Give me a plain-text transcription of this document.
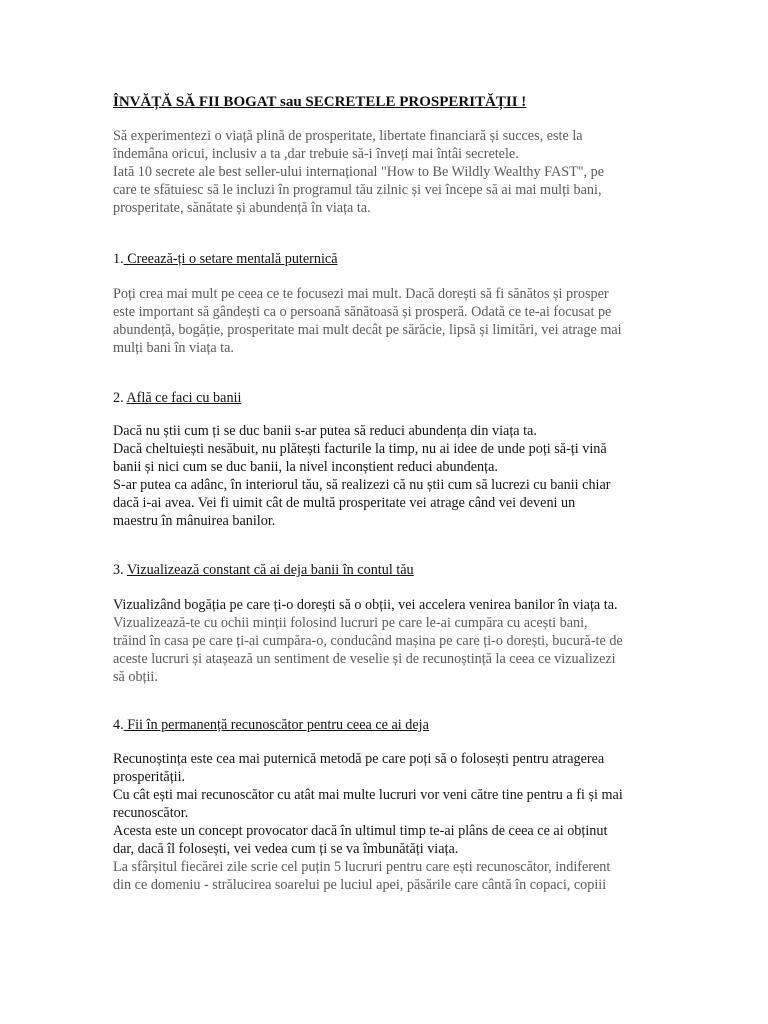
ÎNVĂȚĂ SĂ FII BOGAT sau SECRETELE PROSPERITĂȚII !
Să experimentezi o viață plină de prosperitate, libertate financiară și succes, este la
îndemâna oricui, inclusiv a ta ,dar trebuie să-i înveți mai întâi secretele.
Iată 10 secrete ale best seller-ului internațional "How to Be Wildly Wealthy FAST", pe
care te sfătuiesc să le incluzi în programul tău zilnic și vei începe să ai mai mulți bani,
prosperitate, sănătate și abundență în viața ta.
1. Creează-ți o setare mentală puternică
Poți crea mai mult pe ceea ce te focusezi mai mult. Dacă dorești să fi sănătos și prosper
este important să gândești ca o persoană sănătoasă și prosperă. Odată ce te-ai focusat pe
abundență, bogăție, prosperitate mai mult decât pe sărăcie, lipsă și limitări, vei atrage mai
mulți bani în viața ta.
2. Află ce faci cu banii
Dacă nu știi cum ți se duc banii s-ar putea să reduci abundența din viața ta.
Dacă cheltuiești nesăbuit, nu plătești facturile la timp, nu ai idee de unde poți să-ți vină
banii și nici cum se duc banii, la nivel inconștient reduci abundența.
S-ar putea ca adânc, în interiorul tău, să realizezi că nu știi cum să lucrezi cu banii chiar
dacă i-ai avea. Vei fi uimit cât de multă prosperitate vei atrage când vei deveni un
maestru în mânuirea banilor.
3. Vizualizează constant că ai deja banii în contul tău
Vizualizând bogăția pe care ți-o dorești să o obții, vei accelera venirea banilor în viața ta.
Vizualizează-te cu ochii minții folosind lucruri pe care le-ai cumpăra cu acești bani,
trăind în casa pe care ți-ai cumpăra-o, conducând mașina pe care ți-o dorești, bucură-te de
aceste lucruri și atașează un sentiment de veselie și de recunoștință la ceea ce vizualizezi
să obții.
4. Fii în permanență recunoscător pentru ceea ce ai deja
Recunoștința este cea mai puternică metodă pe care poți să o folosești pentru atragerea
prosperității.
Cu cât ești mai recunoscător cu atât mai multe lucruri vor veni către tine pentru a fi și mai
recunoscător.
Acesta este un concept provocator dacă în ultimul timp te-ai plâns de ceea ce ai obținut
dar, dacă îl folosești, vei vedea cum ți se va îmbunătăți viața.
La sfârșitul fiecărei zile scrie cel puțin 5 lucruri pentru care ești recunoscător, indiferent
din ce domeniu - strălucirea soarelui pe luciul apei, păsările care cântă în copaci, copiii
